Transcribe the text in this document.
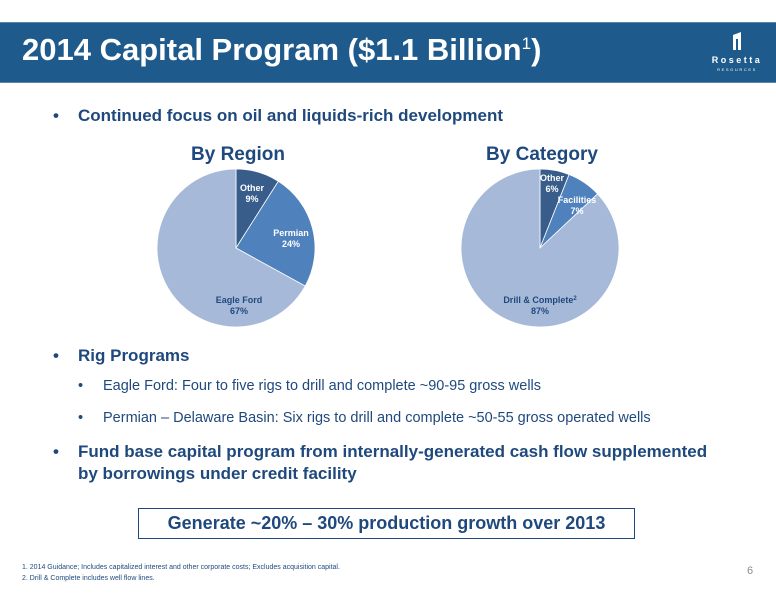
2014 Capital Program ($1.1 Billion$^1$)	Rosetta
RESOURCES
• Continued focus on oil and liquids-rich development
By Region	By Category
Other
9%
Permian
24%
Eagle Ford
67%
Other
6%
Facilities
7%
Drill & Complete$^2$
87%
• Rig Programs
• Eagle Ford: Four to five rigs to drill and complete ~90-95 gross wells
• Permian – Delaware Basin: Six rigs to drill and complete ~50-55 gross operated wells
• Fund base capital program from internally-generated cash flow supplemented
by borrowings under credit facility
Generate ~20% – 30% production growth over 2013
1. 2014 Guidance; Includes capitalized interest and other corporate costs; Excludes acquisition capital.
2. Drill & Complete includes well flow lines.
6
